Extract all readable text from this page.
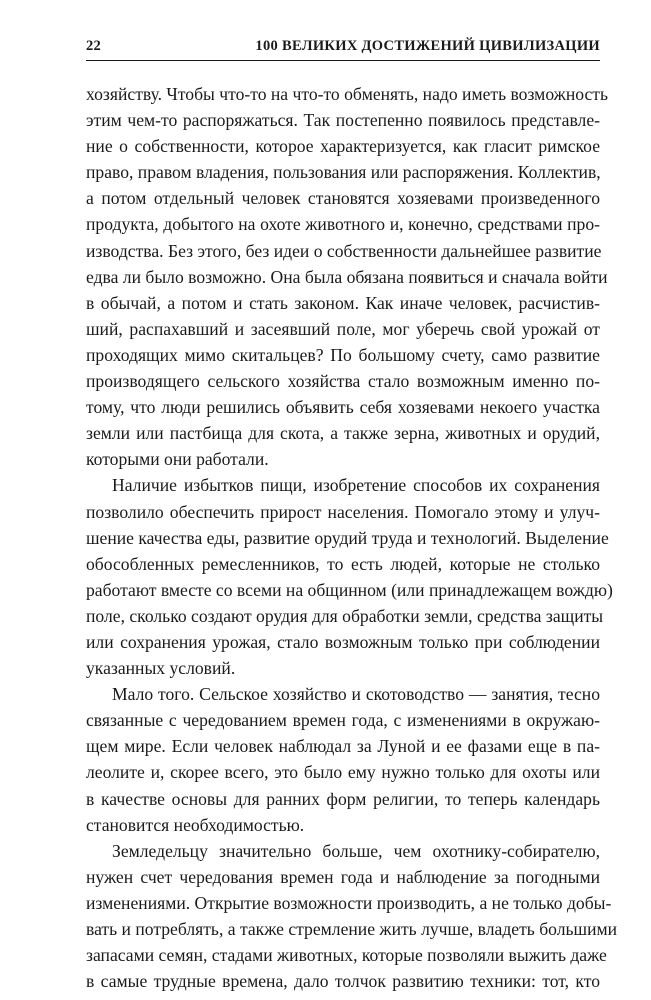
22	100 ВЕЛИКИХ ДОСТИЖЕНИЙ ЦИВИЛИЗАЦИИ

хозяйству. Чтобы что-то на что-то обменять, надо иметь возможность
этим чем-то распоряжаться. Так постепенно появилось представле-
ние о собственности, которое характеризуется, как гласит римское
право, правом владения, пользования или распоряжения. Коллектив,
а потом отдельный человек становятся хозяевами произведенного
продукта, добытого на охоте животного и, конечно, средствами про-
изводства. Без этого, без идеи о собственности дальнейшее развитие
едва ли было возможно. Она была обязана появиться и сначала войти
в обычай, а потом и стать законом. Как иначе человек, расчистив-
ший, распахавший и засеявший поле, мог уберечь свой урожай от
проходящих мимо скитальцев? По большому счету, само развитие
производящего сельского хозяйства стало возможным именно по-
тому, что люди решились объявить себя хозяевами некоего участка
земли или пастбища для скота, а также зерна, животных и орудий,
которыми они работали.

Наличие избытков пищи, изобретение способов их сохранения
позволило обеспечить прирост населения. Помогало этому и улуч-
шение качества еды, развитие орудий труда и технологий. Выделение
обособленных ремесленников, то есть людей, которые не столько
работают вместе со всеми на общинном (или принадлежащем вождю)
поле, сколько создают орудия для обработки земли, средства защиты
или сохранения урожая, стало возможным только при соблюдении
указанных условий.

Мало того. Сельское хозяйство и скотоводство — занятия, тесно
связанные с чередованием времен года, с изменениями в окружаю-
щем мире. Если человек наблюдал за Луной и ее фазами еще в па-
леолите и, скорее всего, это было ему нужно только для охоты или
в качестве основы для ранних форм религии, то теперь календарь
становится необходимостью.

Земледельцу значительно больше, чем охотнику-собирателю,
нужен счет чередования времен года и наблюдение за погодными
изменениями. Открытие возможности производить, а не только добы-
вать и потреблять, а также стремление жить лучше, владеть большими
запасами семян, стадами животных, которые позволяли выжить даже
в самые трудные времена, дало толчок развитию техники: тот, кто
